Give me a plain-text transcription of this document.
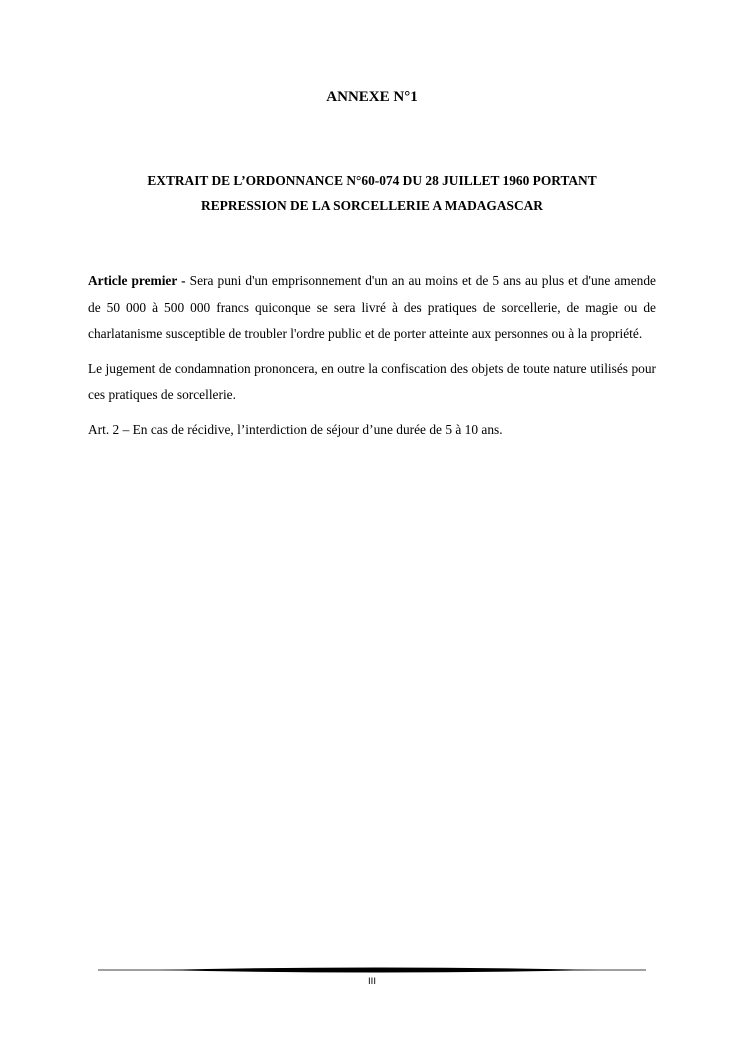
ANNEXE N°1
EXTRAIT DE L’ORDONNANCE N°60-074 DU 28 JUILLET 1960 PORTANT
REPRESSION DE LA SORCELLERIE A MADAGASCAR

Article premier - Sera puni d'un emprisonnement d'un an au moins et de 5 ans au plus et d'une amende de 50 000 à 500 000 francs quiconque se sera livré à des pratiques de sorcellerie, de magie ou de charlatanisme susceptible de troubler l'ordre public et de porter atteinte aux personnes ou à la propriété.

Le jugement de condamnation prononcera, en outre la confiscation des objets de toute nature utilisés pour ces pratiques de sorcellerie.

Art. 2 – En cas de récidive, l’interdiction de séjour d’une durée de 5 à 10 ans.

III
